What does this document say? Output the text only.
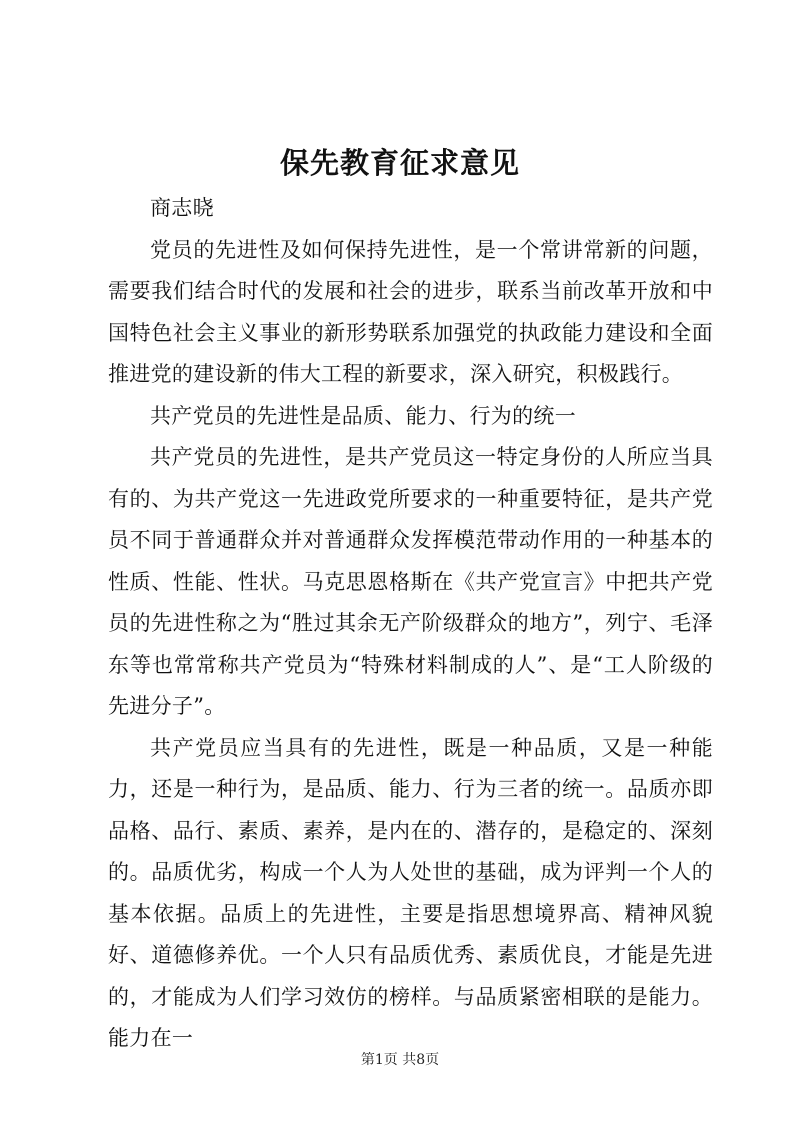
保先教育征求意见

商志晓

党员的先进性及如何保持先进性，是一个常讲常新的问题，需要我们结合时代的发展和社会的进步，联系当前改革开放和中国特色社会主义事业的新形势联系加强党的执政能力建设和全面推进党的建设新的伟大工程的新要求，深入研究，积极践行。

共产党员的先进性是品质、能力、行为的统一

共产党员的先进性，是共产党员这一特定身份的人所应当具有的、为共产党这一先进政党所要求的一种重要特征，是共产党员不同于普通群众并对普通群众发挥模范带动作用的一种基本的性质、性能、性状。马克思恩格斯在《共产党宣言》中把共产党员的先进性称之为“胜过其余无产阶级群众的地方”，列宁、毛泽东等也常常称共产党员为“特殊材料制成的人”、是“工人阶级的先进分子”。

共产党员应当具有的先进性，既是一种品质，又是一种能力，还是一种行为，是品质、能力、行为三者的统一。品质亦即品格、品行、素质、素养，是内在的、潜存的，是稳定的、深刻的。品质优劣，构成一个人为人处世的基础，成为评判一个人的基本依据。品质上的先进性，主要是指思想境界高、精神风貌好、道德修养优。一个人只有品质优秀、素质优良，才能是先进的，才能成为人们学习效仿的榜样。与品质紧密相联的是能力。能力在一

第1页 共8页
